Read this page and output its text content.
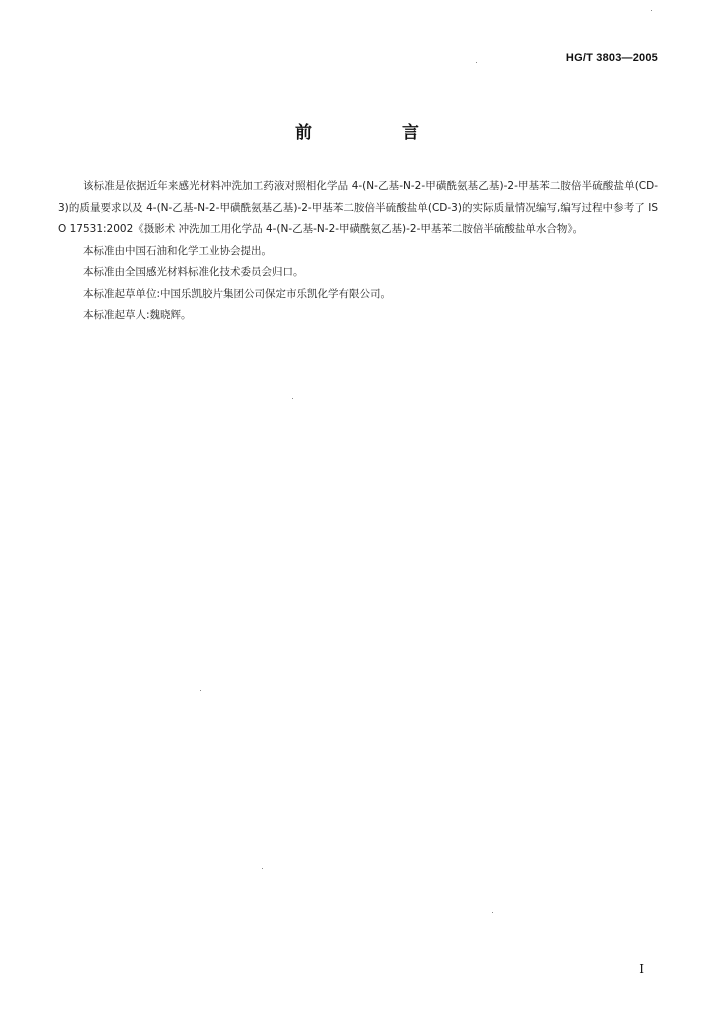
HG/T 3803—2005
前 言

该标准是依据近年来感光材料冲洗加工药液对照相化学品 4-(N-乙基-N-2-甲磺酰氨基乙基)-2-甲基苯二胺倍半硫酸盐单(CD-3)的质量要求以及 4-(N-乙基-N-2-甲磺酰氨基乙基)-2-甲基苯二胺倍半硫酸盐单(CD-3)的实际质量情况编写,编写过程中参考了 ISO 17531:2002《摄影术 冲洗加工用化学品 4-(N-乙基-N-2-甲磺酰氨乙基)-2-甲基苯二胺倍半硫酸盐单水合物》。

本标准由中国石油和化学工业协会提出。

本标准由全国感光材料标准化技术委员会归口。

本标准起草单位:中国乐凯胶片集团公司保定市乐凯化学有限公司。

本标准起草人:魏晓辉。

I
